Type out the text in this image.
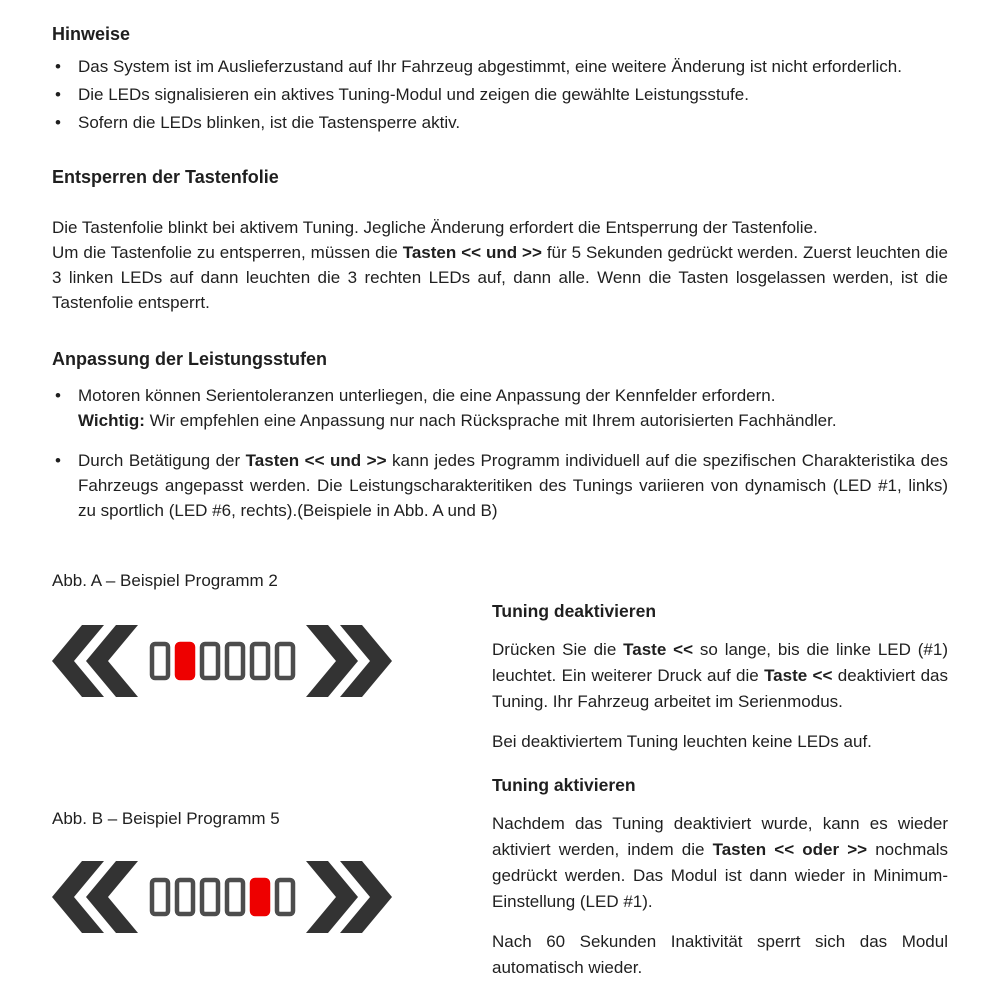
Hinweise
•	Das System ist im Auslieferzustand auf Ihr Fahrzeug abgestimmt, eine weitere Änderung ist nicht erforderlich.
•	Die LEDs signalisieren ein aktives Tuning-Modul und zeigen die gewählte Leistungsstufe.
•	Sofern die LEDs blinken, ist die Tastensperre aktiv.
Entsperren der Tastenfolie
Die Tastenfolie blinkt bei aktivem Tuning. Jegliche Änderung erfordert die Entsperrung der Tastenfolie.
Um die Tastenfolie zu entsperren, müssen die Tasten << und >> für 5 Sekunden gedrückt werden. Zuerst leuchten die 3 linken LEDs auf dann leuchten die 3 rechten LEDs auf, dann alle. Wenn die Tasten losgelassen werden, ist die Tastenfolie entsperrt.
Anpassung der Leistungsstufen
•	Motoren können Serientoleranzen unterliegen, die eine Anpassung der Kennfelder erfordern.
Wichtig: Wir empfehlen eine Anpassung nur nach Rücksprache mit Ihrem autorisierten Fachhändler.
•	Durch Betätigung der Tasten << und >> kann jedes Programm individuell auf die spezifischen Charakteristika des Fahrzeugs angepasst werden. Die Leistungscharakteritiken des Tunings variieren von dynamisch (LED #1, links) zu sportlich (LED #6, rechts).(Beispiele in Abb. A und B)
Abb. A – Beispiel Programm 2
Abb. B – Beispiel Programm 5
Tuning deaktivieren

Drücken Sie die Taste << so lange, bis die linke LED (#1) leuchtet. Ein weiterer Druck auf die Taste << deaktiviert das Tuning. Ihr Fahrzeug arbeitet im Serienmodus.

Bei deaktiviertem Tuning leuchten keine LEDs auf.

Tuning aktivieren

Nachdem das Tuning deaktiviert wurde, kann es wieder aktiviert werden, indem die Tasten << oder >> nochmals gedrückt werden. Das Modul ist dann wieder in Minimum-Einstellung (LED #1).

Nach 60 Sekunden Inaktivität sperrt sich das Modul automatisch wieder.
